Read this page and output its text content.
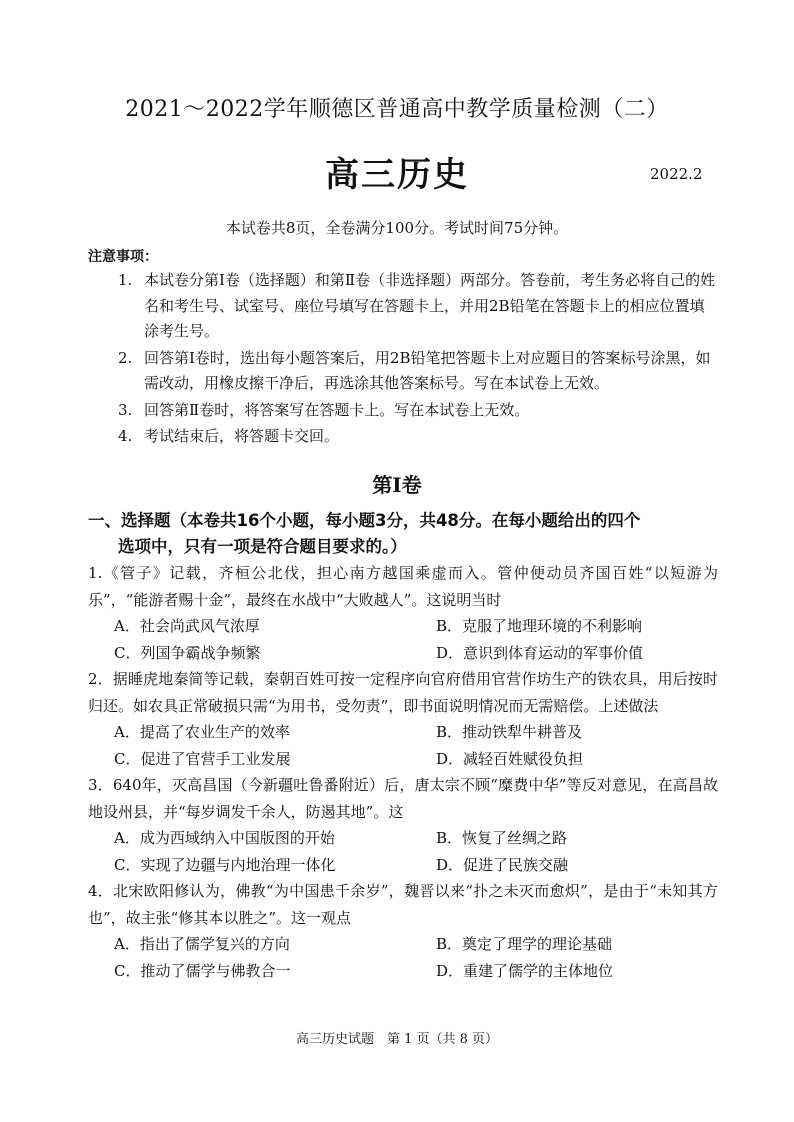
2021～2022学年顺德区普通高中教学质量检测（二）
高三历史	2022.2
本试卷共8页，全卷满分100分。考试时间75分钟。
注意事项：
1. 本试卷分第Ⅰ卷（选择题）和第Ⅱ卷（非选择题）两部分。答卷前，考生务必将自己的姓名和考生号、试室号、座位号填写在答题卡上，并用2B铅笔在答题卡上的相应位置填涂考生号。
2. 回答第Ⅰ卷时，选出每小题答案后，用2B铅笔把答题卡上对应题目的答案标号涂黑，如需改动，用橡皮擦干净后，再选涂其他答案标号。写在本试卷上无效。
3. 回答第Ⅱ卷时，将答案写在答题卡上。写在本试卷上无效。
4. 考试结束后，将答题卡交回。
第Ⅰ卷
一、选择题（本卷共16个小题，每小题3分，共48分。在每小题给出的四个
选项中，只有一项是符合题目要求的。）
1.《管子》记载，齐桓公北伐，担心南方越国乘虚而入。管仲便动员齐国百姓“以短游为乐”，“能游者赐十金”，最终在水战中“大败越人”。这说明当时
A．社会尚武风气浓厚	B．克服了地理环境的不利影响
C．列国争霸战争频繁	D．意识到体育运动的军事价值
2．据睡虎地秦简等记载，秦朝百姓可按一定程序向官府借用官营作坊生产的铁农具，用后按时归还。如农具正常破损只需“为用书，受勿责”，即书面说明情况而无需赔偿。上述做法
A．提高了农业生产的效率	B．推动铁犁牛耕普及
C．促进了官营手工业发展	D．减轻百姓赋役负担
3．640年，灭高昌国（今新疆吐鲁番附近）后，唐太宗不顾“糜费中华”等反对意见，在高昌故地设州县，并“每岁调发千余人，防遏其地”。这
A．成为西域纳入中国版图的开始	B．恢复了丝绸之路
C．实现了边疆与内地治理一体化	D．促进了民族交融
4．北宋欧阳修认为，佛教“为中国患千余岁”，魏晋以来“扑之未灭而愈炽”，是由于“未知其方也”，故主张“修其本以胜之”。这一观点
A．指出了儒学复兴的方向	B．奠定了理学的理论基础
C．推动了儒学与佛教合一	D．重建了儒学的主体地位
高三历史试题　第 1 页（共 8 页）
